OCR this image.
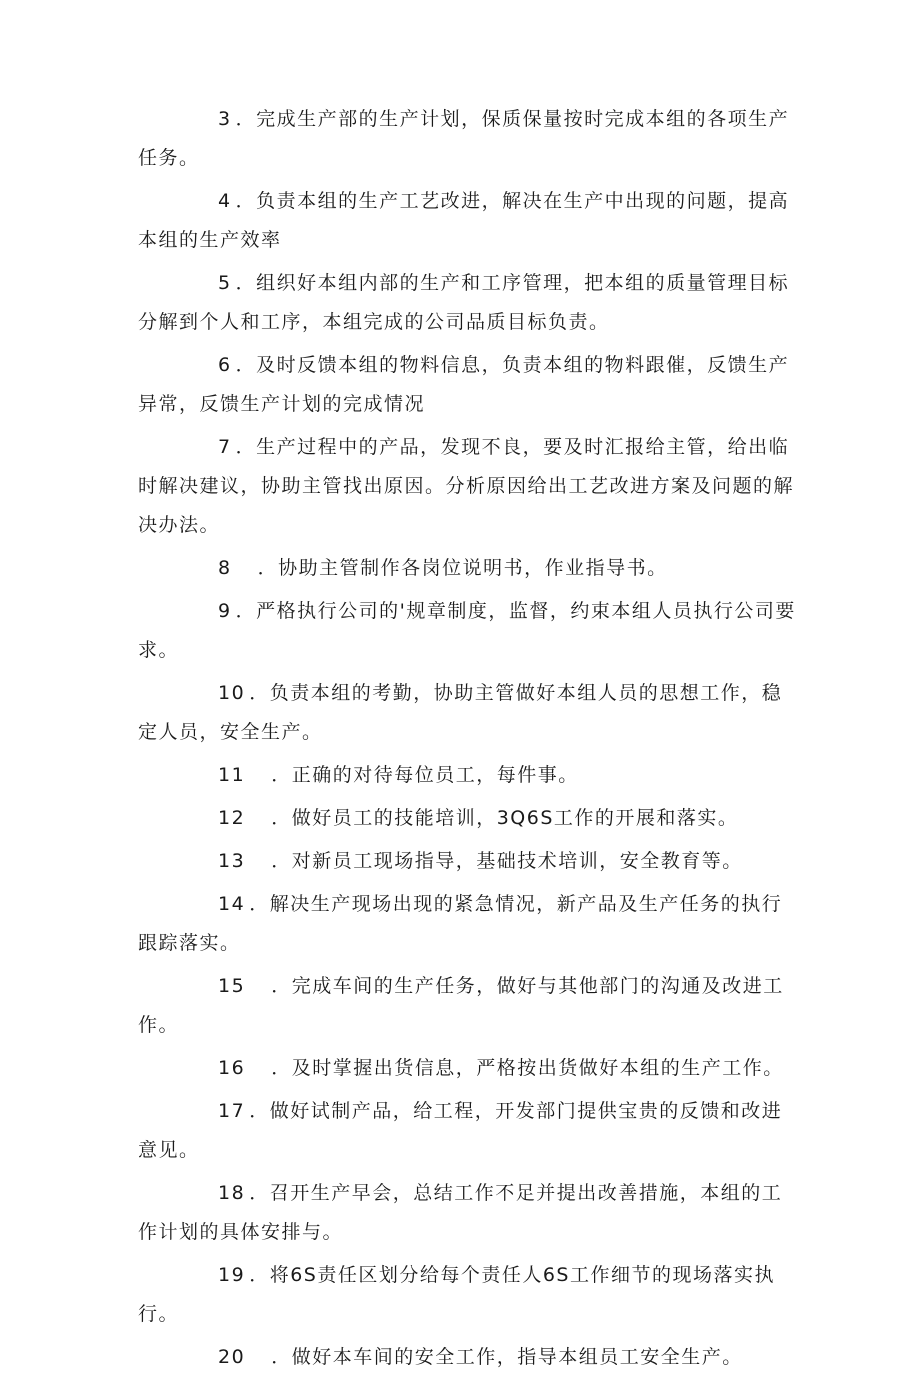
3 ．完成生产部的生产计划，保质保量按时完成本组的各项生产任务。

4 ．负责本组的生产工艺改进，解决在生产中出现的问题，提高本组的生产效率

5 ．组织好本组内部的生产和工序管理，把本组的质量管理目标分解到个人和工序，本组完成的公司品质目标负责。

6 ．及时反馈本组的物料信息，负责本组的物料跟催，反馈生产异常，反馈生产计划的完成情况

7 ．生产过程中的产品，发现不良，要及时汇报给主管，给出临时解决建议，协助主管找出原因。分析原因给出工艺改进方案及问题的解决办法。

8 ．协助主管制作各岗位说明书，作业指导书。

9 ．严格执行公司的'规章制度，监督，约束本组人员执行公司要求。

10 ．负责本组的考勤，协助主管做好本组人员的思想工作，稳定人员，安全生产。

11 ．正确的对待每位员工，每件事。

12 ．做好员工的技能培训，3Q6S工作的开展和落实。

13 ．对新员工现场指导，基础技术培训，安全教育等。

14 ．解决生产现场出现的紧急情况，新产品及生产任务的执行跟踪落实。

15 ．完成车间的生产任务，做好与其他部门的沟通及改进工作。

16 ．及时掌握出货信息，严格按出货做好本组的生产工作。

17 ．做好试制产品，给工程，开发部门提供宝贵的反馈和改进意见。

18 ．召开生产早会，总结工作不足并提出改善措施，本组的工作计划的具体安排与。

19 ．将6S责任区划分给每个责任人6S工作细节的现场落实执行。

20 ．做好本车间的安全工作，指导本组员工安全生产。
